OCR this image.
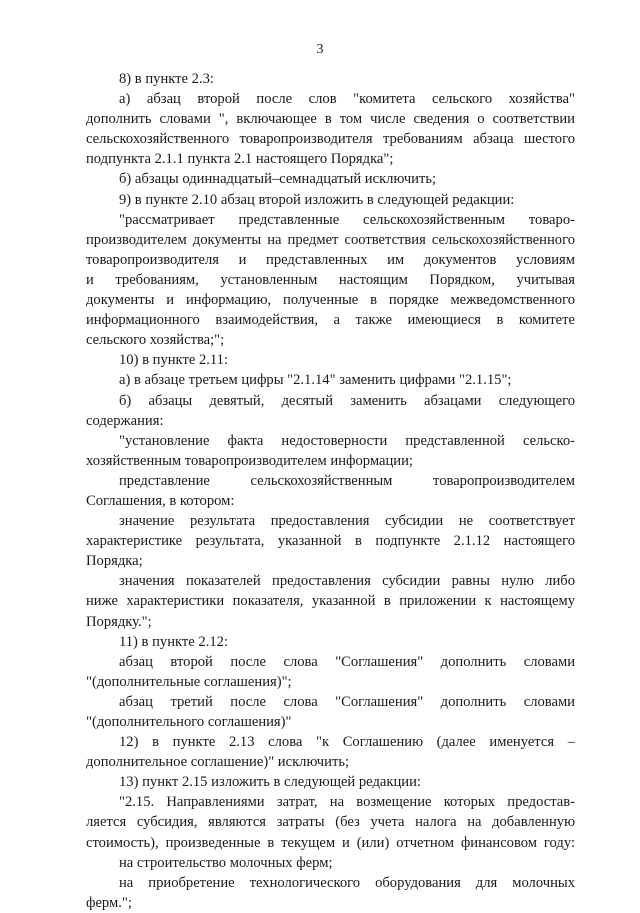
3
8) в пункте 2.3:
а) абзац второй после слов "комитета сельского хозяйства"
дополнить словами ", включающее в том числе сведения о соответствии
сельскохозяйственного товаропроизводителя требованиям абзаца шестого
подпункта 2.1.1 пункта 2.1 настоящего Порядка";
б) абзацы одиннадцатый–семнадцатый исключить;
9) в пункте 2.10 абзац второй изложить в следующей редакции:
"рассматривает представленные сельскохозяйственным товаро-
производителем документы на предмет соответствия сельскохозяйственного
товаропроизводителя и представленных им документов условиям
и требованиям, установленным настоящим Порядком, учитывая
документы и информацию, полученные в порядке межведомственного
информационного взаимодействия, а также имеющиеся в комитете
сельского хозяйства;";
10) в пункте 2.11:
а) в абзаце третьем цифры "2.1.14" заменить цифрами "2.1.15";
б) абзацы девятый, десятый заменить абзацами следующего
содержания:
"установление факта недостоверности представленной сельско-
хозяйственным товаропроизводителем информации;
представление сельскохозяйственным товаропроизводителем
Соглашения, в котором:
значение результата предоставления субсидии не соответствует
характеристике результата, указанной в подпункте 2.1.12 настоящего
Порядка;
значения показателей предоставления субсидии равны нулю либо
ниже характеристики показателя, указанной в приложении к настоящему
Порядку.";
11) в пункте 2.12:
абзац второй после слова "Соглашения" дополнить словами
"(дополнительные соглашения)";
абзац третий после слова "Соглашения" дополнить словами
"(дополнительного соглашения)"
12) в пункте 2.13 слова "к Соглашению (далее именуется –
дополнительное соглашение)" исключить;
13) пункт 2.15 изложить в следующей редакции:
"2.15. Направлениями затрат, на возмещение которых предостав-
ляется субсидия, являются затраты (без учета налога на добавленную
стоимость), произведенные в текущем и (или) отчетном финансовом году:
на строительство молочных ферм;
на приобретение технологического оборудования для молочных
ферм.";
